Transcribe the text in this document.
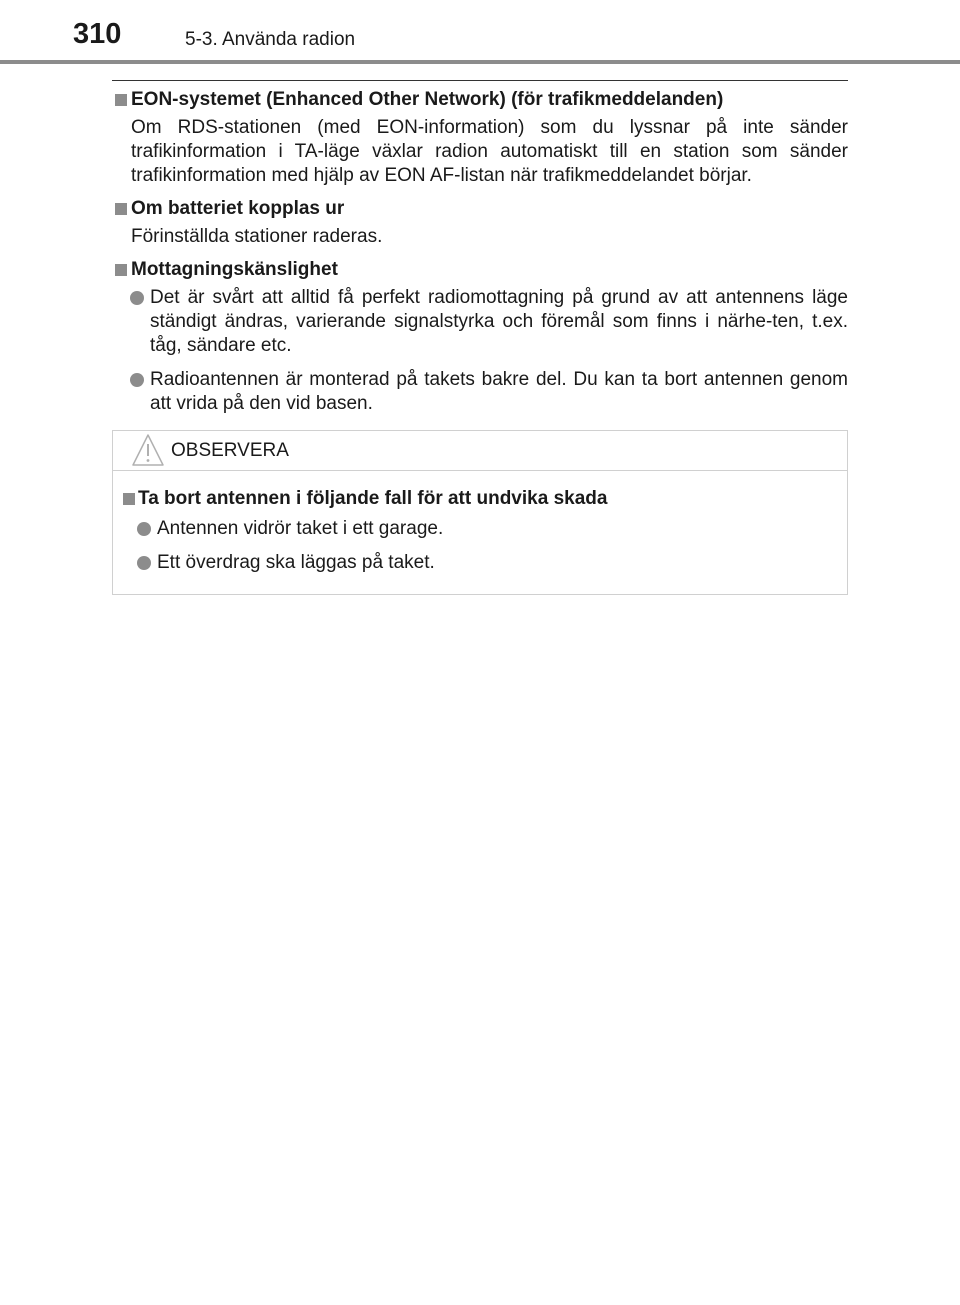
310	5-3. Använda radion
EON-systemet (Enhanced Other Network) (för trafikmeddelanden)

Om RDS-stationen (med EON-information) som du lyssnar på inte sänder trafikinformation i TA-läge växlar radion automatiskt till en station som sänder trafikinformation med hjälp av EON AF-listan när trafikmeddelandet börjar.

Om batteriet kopplas ur

Förinställda stationer raderas.

Mottagningskänslighet

Det är svårt att alltid få perfekt radiomottagning på grund av att antennens läge ständigt ändras, varierande signalstyrka och föremål som finns i närhe-ten, t.ex. tåg, sändare etc.

Radioantennen är monterad på takets bakre del. Du kan ta bort antennen genom att vrida på den vid basen.

OBSERVERA
Ta bort antennen i följande fall för att undvika skada
Antennen vidrör taket i ett garage.
Ett överdrag ska läggas på taket.
